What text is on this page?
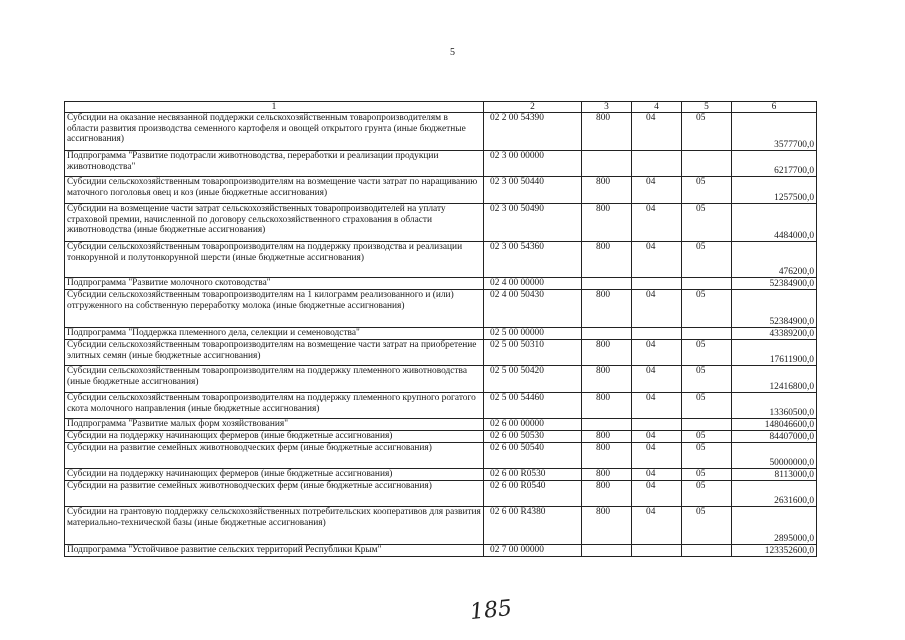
5
1	2	3	4	5	6
Субсидии на оказание несвязанной поддержки сельскохозяйственным товаропроизводителям в области развития производства семенного картофеля и овощей открытого грунта (иные бюджетные ассигнования)	02 2 00 54390	800	04	05	3577700,0
Подпрограмма "Развитие подотрасли животноводства, переработки и реализации продукции животноводства"	02 3 00 00000				6217700,0
Субсидии сельскохозяйственным товаропроизводителям на возмещение части затрат по наращиванию маточного поголовья овец и коз (иные бюджетные ассигнования)	02 3 00 50440	800	04	05	1257500,0
Субсидии на возмещение части затрат сельскохозяйственных товаропроизводителей на уплату страховой премии, начисленной по договору сельскохозяйственного страхования в области животноводства (иные бюджетные ассигнования)	02 3 00 50490	800	04	05	4484000,0
Субсидии сельскохозяйственным товаропроизводителям на поддержку производства и реализации тонкорунной и полутонкорунной шерсти (иные бюджетные ассигнования)	02 3 00 54360	800	04	05	476200,0
Подпрограмма "Развитие молочного скотоводства"	02 4 00 00000				52384900,0
Субсидии сельскохозяйственным товаропроизводителям на 1 килограмм реализованного и (или) отгруженного на собственную переработку молока (иные бюджетные ассигнования)	02 4 00 50430	800	04	05	52384900,0
Подпрограмма "Поддержка племенного дела, селекции и семеноводства"	02 5 00 00000				43389200,0
Субсидии сельскохозяйственным товаропроизводителям на возмещение части затрат на приобретение элитных семян (иные бюджетные ассигнования)	02 5 00 50310	800	04	05	17611900,0
Субсидии сельскохозяйственным товаропроизводителям на поддержку племенного животноводства (иные бюджетные ассигнования)	02 5 00 50420	800	04	05	12416800,0
Субсидии сельскохозяйственным товаропроизводителям на поддержку племенного крупного рогатого скота молочного направления (иные бюджетные ассигнования)	02 5 00 54460	800	04	05	13360500,0
Подпрограмма "Развитие малых форм хозяйствования"	02 6 00 00000				148046600,0
Субсидии на поддержку начинающих фермеров (иные бюджетные ассигнования)	02 6 00 50530	800	04	05	84407000,0
Субсидии на развитие семейных животноводческих ферм (иные бюджетные ассигнования)	02 6 00 50540	800	04	05	50000000,0
Субсидии на поддержку начинающих фермеров (иные бюджетные ассигнования)	02 6 00 R0530	800	04	05	8113000,0
Субсидии на развитие семейных животноводческих ферм (иные бюджетные ассигнования)	02 6 00 R0540	800	04	05	2631600,0
Субсидии на грантовую поддержку сельскохозяйственных потребительских кооперативов для развития материально-технической базы (иные бюджетные ассигнования)	02 6 00 R4380	800	04	05	2895000,0
Подпрограмма "Устойчивое развитие сельских территорий Республики Крым"	02 7 00 00000				123352600,0
185
